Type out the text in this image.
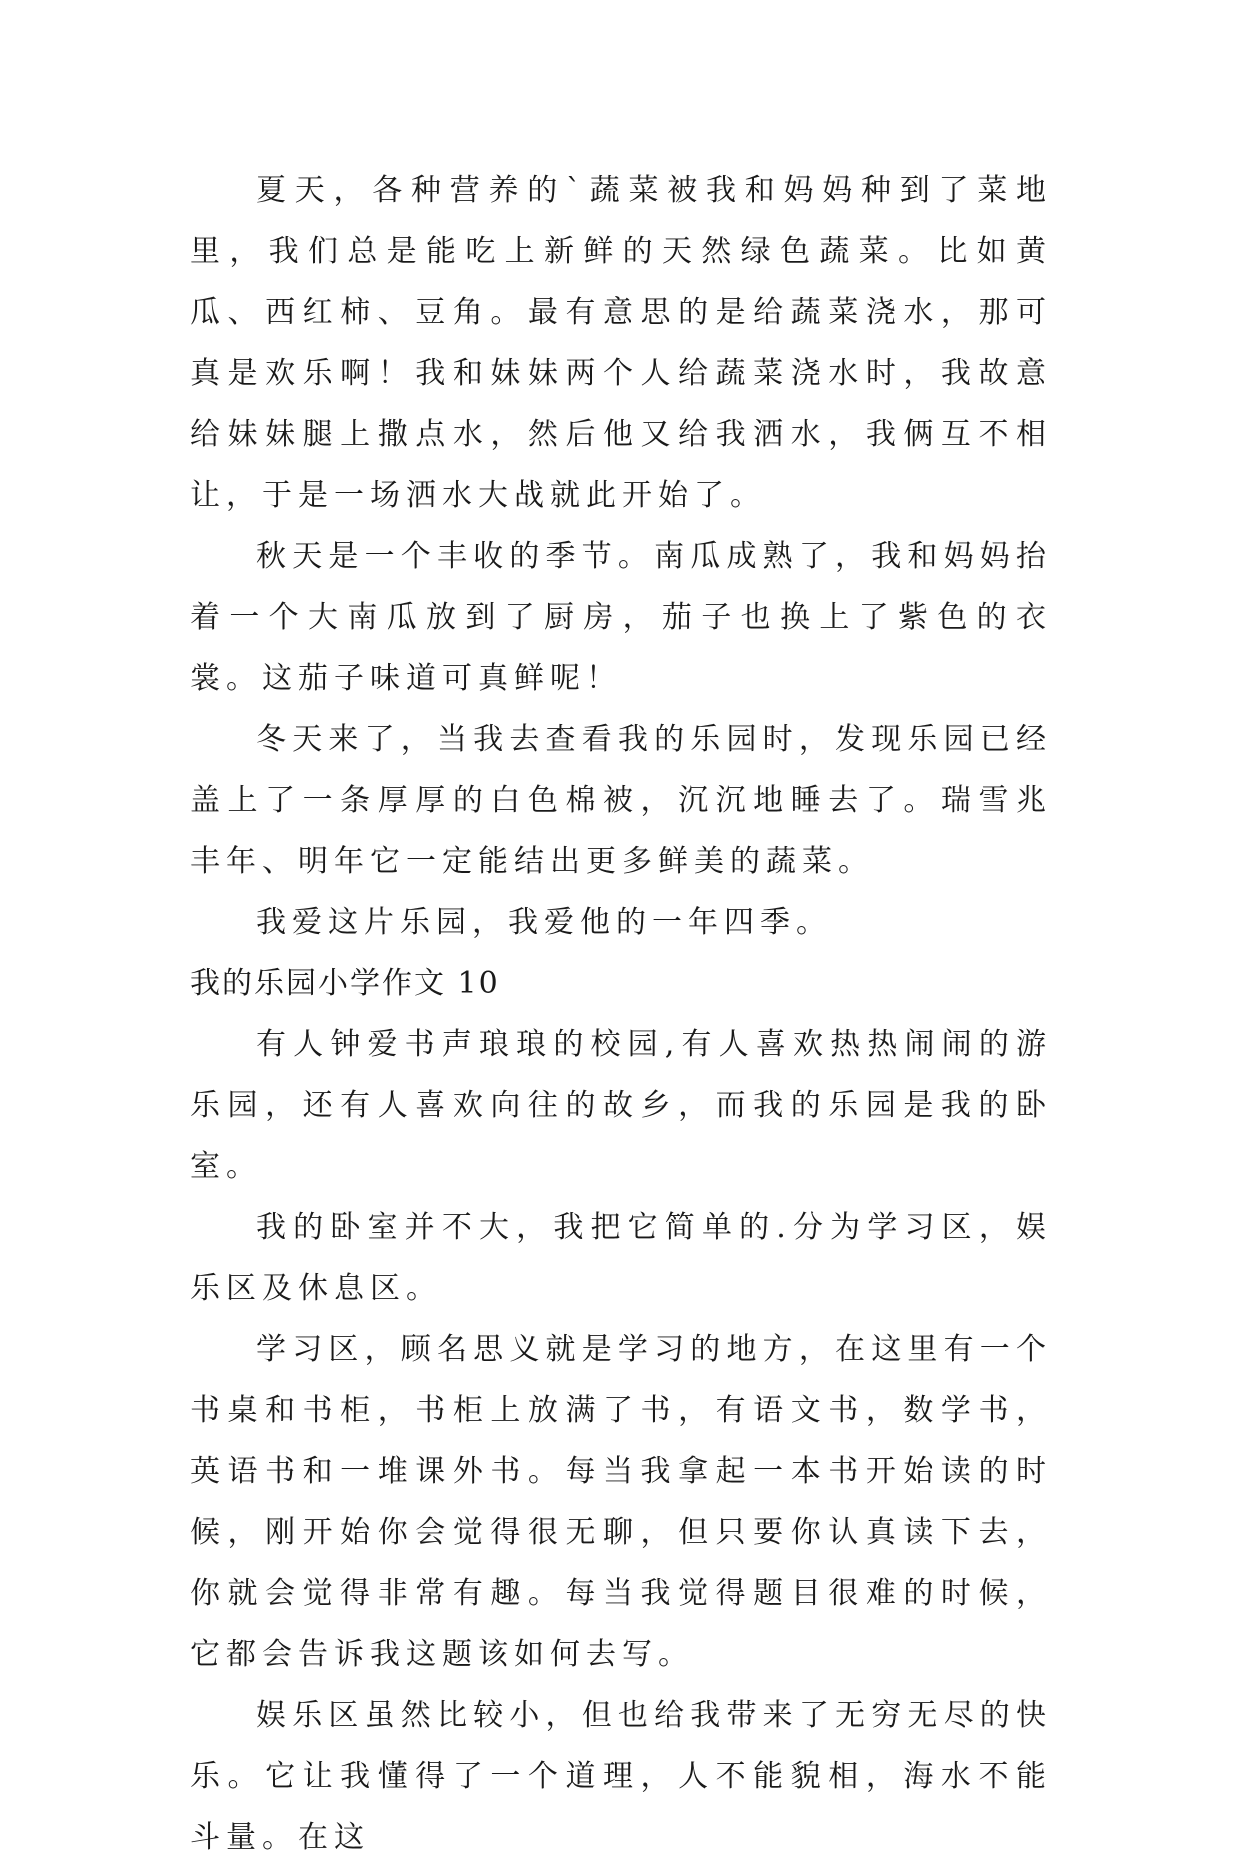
夏天，各种营养的`蔬菜被我和妈妈种到了菜地里，我们总是能吃上新鲜的天然绿色蔬菜。比如黄瓜、西红柿、豆角。最有意思的是给蔬菜浇水，那可真是欢乐啊！我和妹妹两个人给蔬菜浇水时，我故意给妹妹腿上撒点水，然后他又给我洒水，我俩互不相让，于是一场洒水大战就此开始了。

秋天是一个丰收的季节。南瓜成熟了，我和妈妈抬着一个大南瓜放到了厨房，茄子也换上了紫色的衣裳。这茄子味道可真鲜呢！

冬天来了，当我去查看我的乐园时，发现乐园已经盖上了一条厚厚的白色棉被，沉沉地睡去了。瑞雪兆丰年、明年它一定能结出更多鲜美的蔬菜。

我爱这片乐园，我爱他的一年四季。

我的乐园小学作文 10

有人钟爱书声琅琅的校园,有人喜欢热热闹闹的游乐园，还有人喜欢向往的故乡，而我的乐园是我的卧室。

我的卧室并不大，我把它简单的.分为学习区，娱乐区及休息区。

学习区，顾名思义就是学习的地方，在这里有一个书桌和书柜，书柜上放满了书，有语文书，数学书，英语书和一堆课外书。每当我拿起一本书开始读的时候，刚开始你会觉得很无聊，但只要你认真读下去，你就会觉得非常有趣。每当我觉得题目很难的时候，它都会告诉我这题该如何去写。

娱乐区虽然比较小，但也给我带来了无穷无尽的快乐。它让我懂得了一个道理，人不能貌相，海水不能斗量。在这
